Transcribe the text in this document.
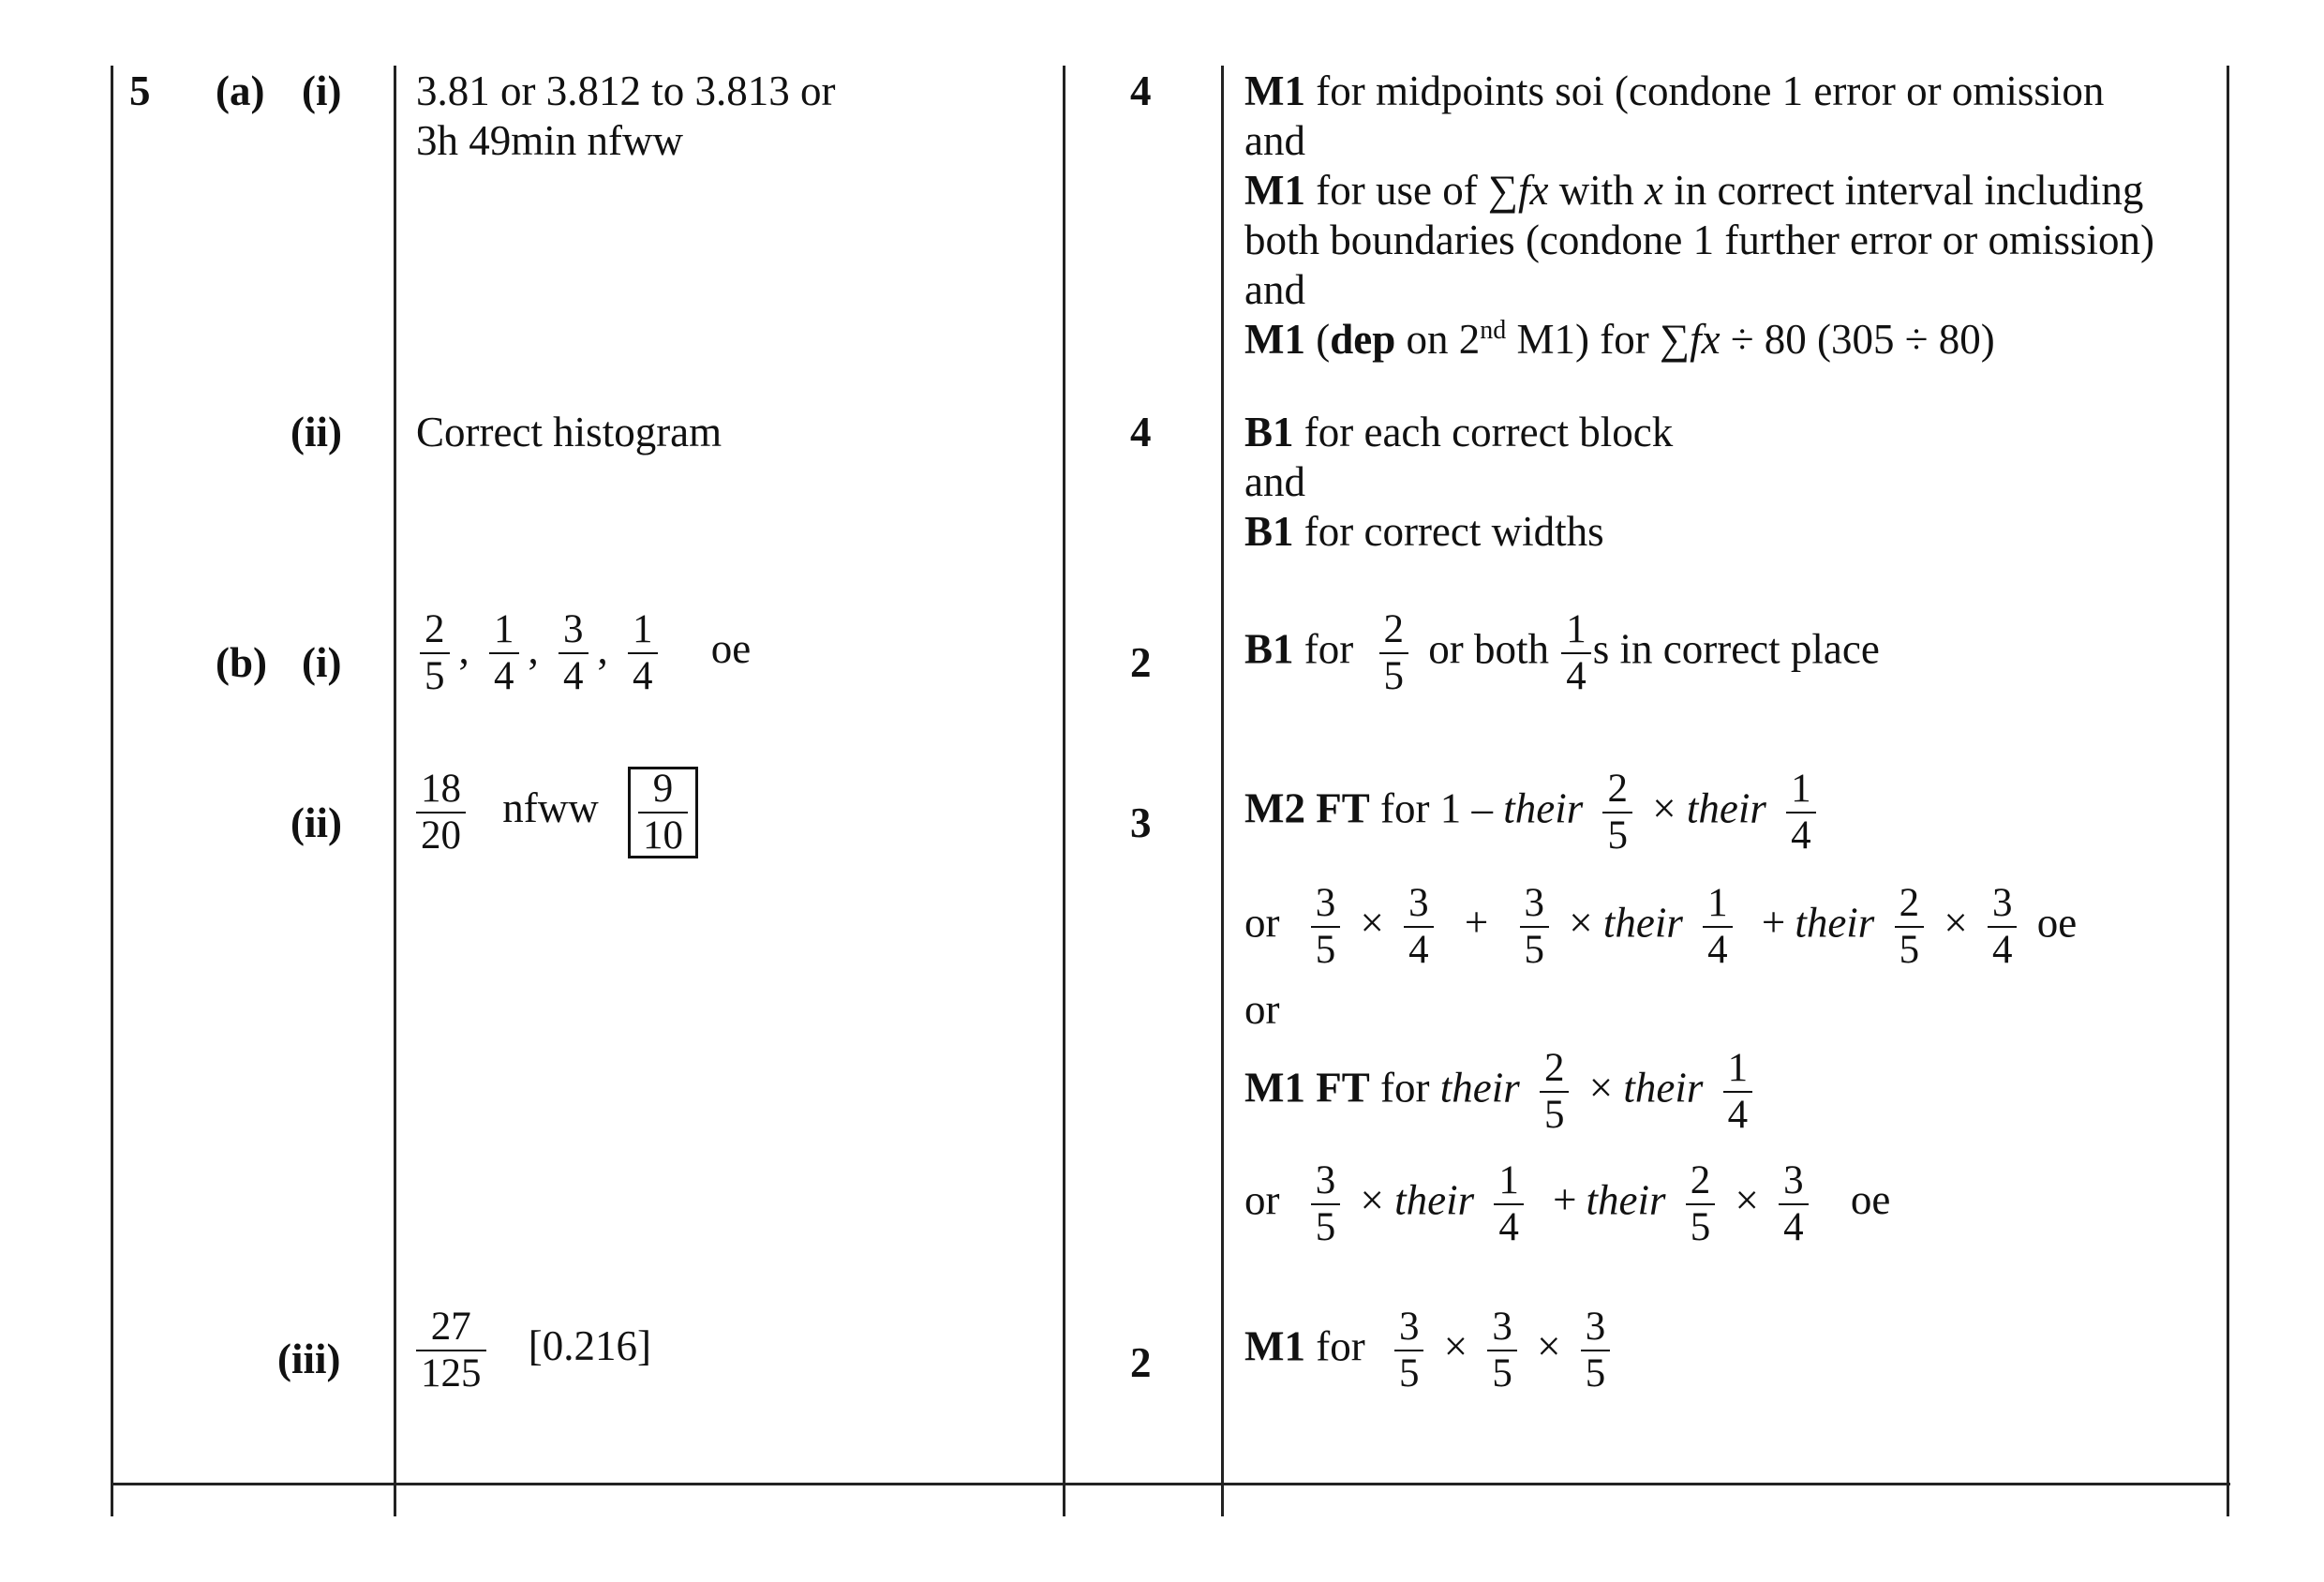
5 (a) (i)
(ii)
(b) (i)
(ii)
(iii)
3.81 or 3.812 to 3.813 or
3h 49min nfww
Correct histogram
$\frac{2}{5}$ , $\frac{1}{4}$ , $\frac{3}{4}$ , $\frac{1}{4}$ oe
$\frac{18}{20}$ nfww $\frac{9}{10}$
$\frac{27}{125} [0.216]$
4
4
2
3
2
M1 for midpoints soi (condone 1 error or omission
and
M1 for use of ∑fx with x in correct interval including
both boundaries (condone 1 further error or omission)
and
M1 (dep on 2nd M1) for ∑fx ÷ 80 (305 ÷ 80)
B1 for each correct block
and
B1 for correct widths
B1 for $\frac{2}{5}$ or both $\frac{1}{4}$ s in correct place
M2 FT for 1 – their $\frac{2}{5}$ × their $\frac{1}{4}$
or $\frac{3}{5} \times \frac{3}{4} + \frac{3}{5}$ × their $\frac{1}{4}$ + their $\frac{2}{5} \times \frac{3}{4}$ oe
or
M1 FT for their $\frac{2}{5}$ × their $\frac{1}{4}$
or $\frac{3}{5}$ × their $\frac{1}{4}$ + their $\frac{2}{5} \times \frac{3}{4}$ oe
M1 for $\frac{3}{5} \times \frac{3}{5} \times \frac{3}{5}$
